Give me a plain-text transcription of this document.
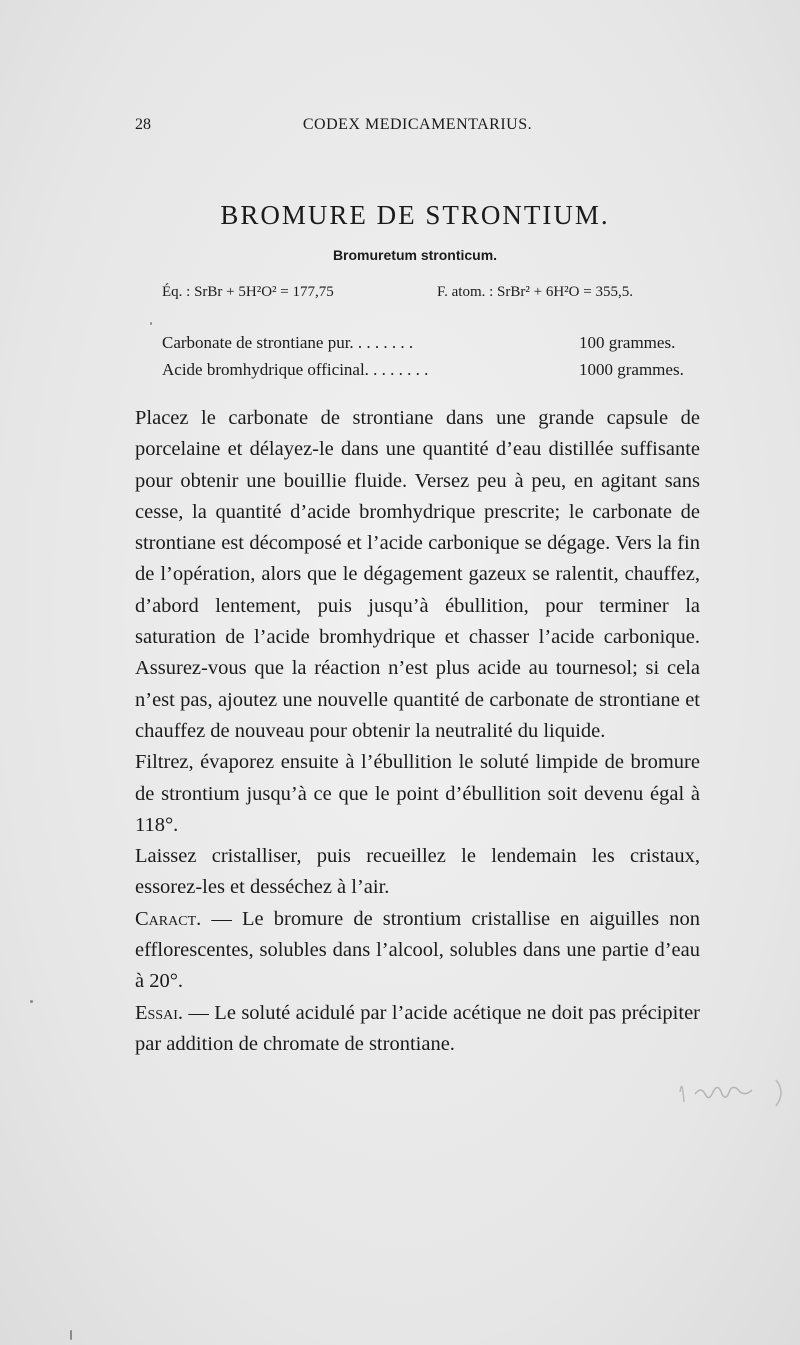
28	CODEX MEDICAMENTARIUS.
BROMURE DE STRONTIUM.
Bromuretum stronticum.
Éq. : SrBr + 5H²O² = 177,75	F. atom. : SrBr² + 6H²O = 355,5.
Carbonate de strontiane pur. . . . . . . .	100 grammes.
Acide bromhydrique officinal. . . . . . . .	1000 grammes.

Placez le carbonate de strontiane dans une grande capsule de porcelaine et délayez-le dans une quantité d’eau distillée suffisante pour obtenir une bouillie fluide. Versez peu à peu, en agitant sans cesse, la quantité d’acide bromhydrique prescrite; le carbonate de strontiane est décomposé et l’acide carbonique se dégage. Vers la fin de l’opération, alors que le dégagement gazeux se ralentit, chauffez, d’abord lentement, puis jusqu’à ébullition, pour terminer la saturation de l’acide bromhydrique et chasser l’acide carbonique. Assurez-vous que la réaction n’est plus acide au tournesol; si cela n’est pas, ajoutez une nouvelle quantité de carbonate de strontiane et chauffez de nouveau pour obtenir la neutralité du liquide.

Filtrez, évaporez ensuite à l’ébullition le soluté limpide de bromure de strontium jusqu’à ce que le point d’ébullition soit devenu égal à 118°.

Laissez cristalliser, puis recueillez le lendemain les cristaux, essorez-les et desséchez à l’air.

Caract. — Le bromure de strontium cristallise en aiguilles non efflorescentes, solubles dans l’alcool, solubles dans une partie d’eau à 20°.

Essai. — Le soluté acidulé par l’acide acétique ne doit pas précipiter par addition de chromate de strontiane.
